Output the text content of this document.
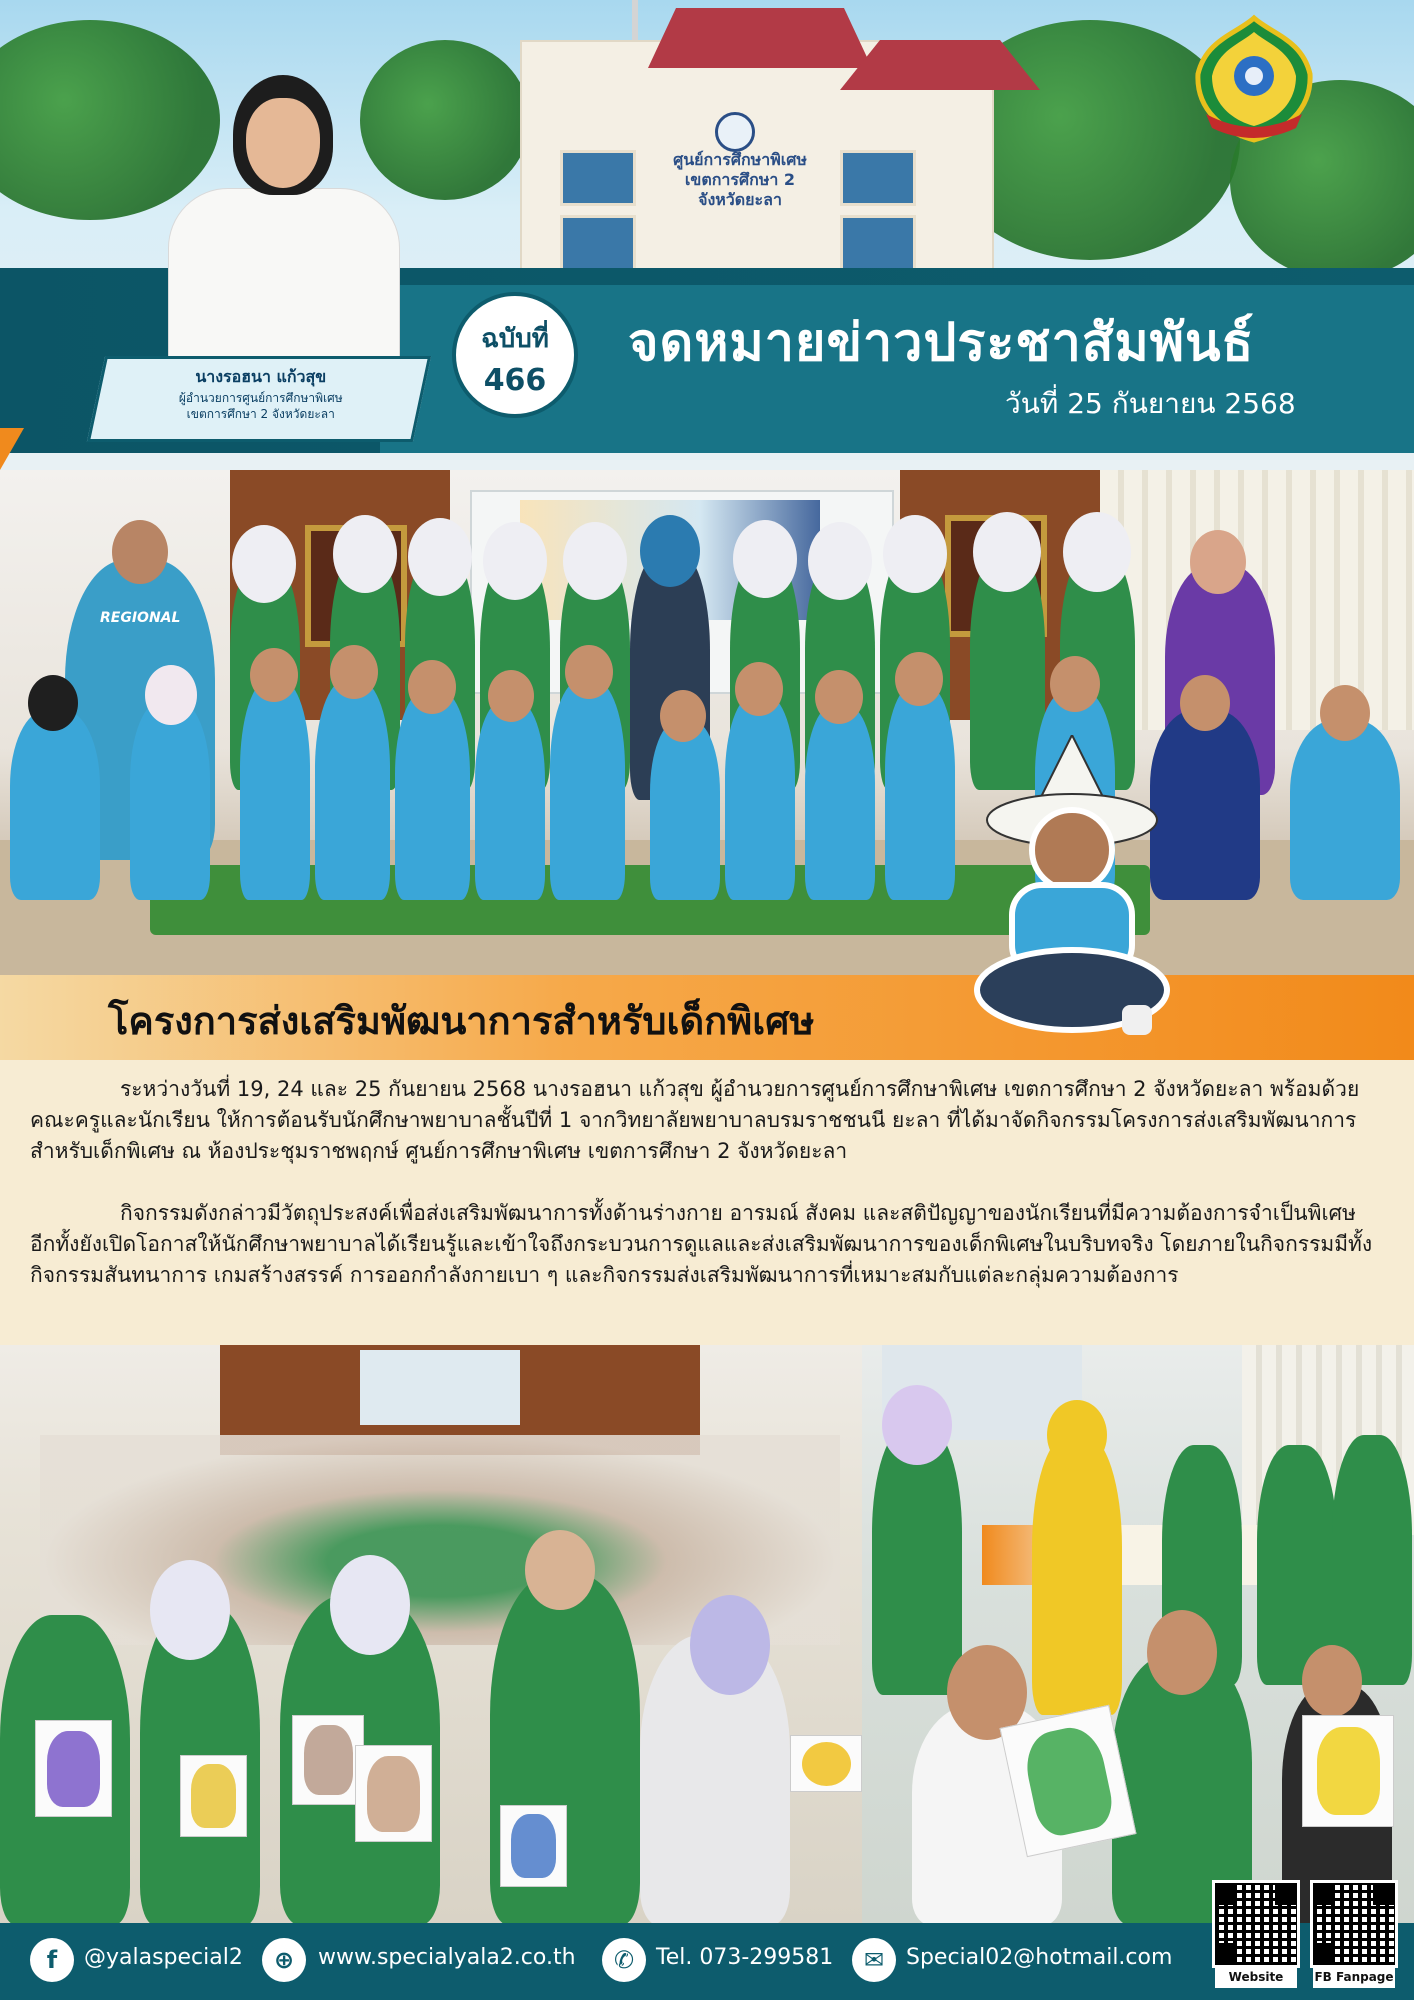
ศูนย์การศึกษาพิเศษ เขตการศึกษา 2 จังหวัดยะลา
นางรอฮนา แก้วสุข
ผู้อำนวยการศูนย์การศึกษาพิเศษ
เขตการศึกษา 2 จังหวัดยะลา
ฉบับที่
466
จดหมายข่าวประชาสัมพันธ์
วันที่ 25 กันยายน 2568
REGIONAL
โครงการส่งเสริมพัฒนาการสำหรับเด็กพิเศษ

ระหว่างวันที่ 19, 24 และ 25 กันยายน 2568 นางรอฮนา แก้วสุข ผู้อำนวยการศูนย์การศึกษาพิเศษ เขตการศึกษา 2 จังหวัดยะลา พร้อมด้วยคณะครูและนักเรียน ให้การต้อนรับนักศึกษาพยาบาลชั้นปีที่ 1 จากวิทยาลัยพยาบาลบรมราชชนนี ยะลา ที่ได้มาจัดกิจกรรมโครงการส่งเสริมพัฒนาการสำหรับเด็กพิเศษ ณ ห้องประชุมราชพฤกษ์ ศูนย์การศึกษาพิเศษ เขตการศึกษา 2 จังหวัดยะลา

กิจกรรมดังกล่าวมีวัตถุประสงค์เพื่อส่งเสริมพัฒนาการทั้งด้านร่างกาย อารมณ์ สังคม และสติปัญญาของนักเรียนที่มีความต้องการจำเป็นพิเศษ อีกทั้งยังเปิดโอกาสให้นักศึกษาพยาบาลได้เรียนรู้และเข้าใจถึงกระบวนการดูแลและส่งเสริมพัฒนาการของเด็กพิเศษในบริบทจริง โดยภายในกิจกรรมมีทั้งกิจกรรมสันทนาการ เกมสร้างสรรค์ การออกกำลังกายเบา ๆ และกิจกรรมส่งเสริมพัฒนาการที่เหมาะสมกับแต่ละกลุ่มความต้องการ

f	@yalaspecial2	⊕	www.specialyala2.co.th	✆ Tel. 073-299581	✉ Special02@hotmail.com
Website	FB Fanpage
